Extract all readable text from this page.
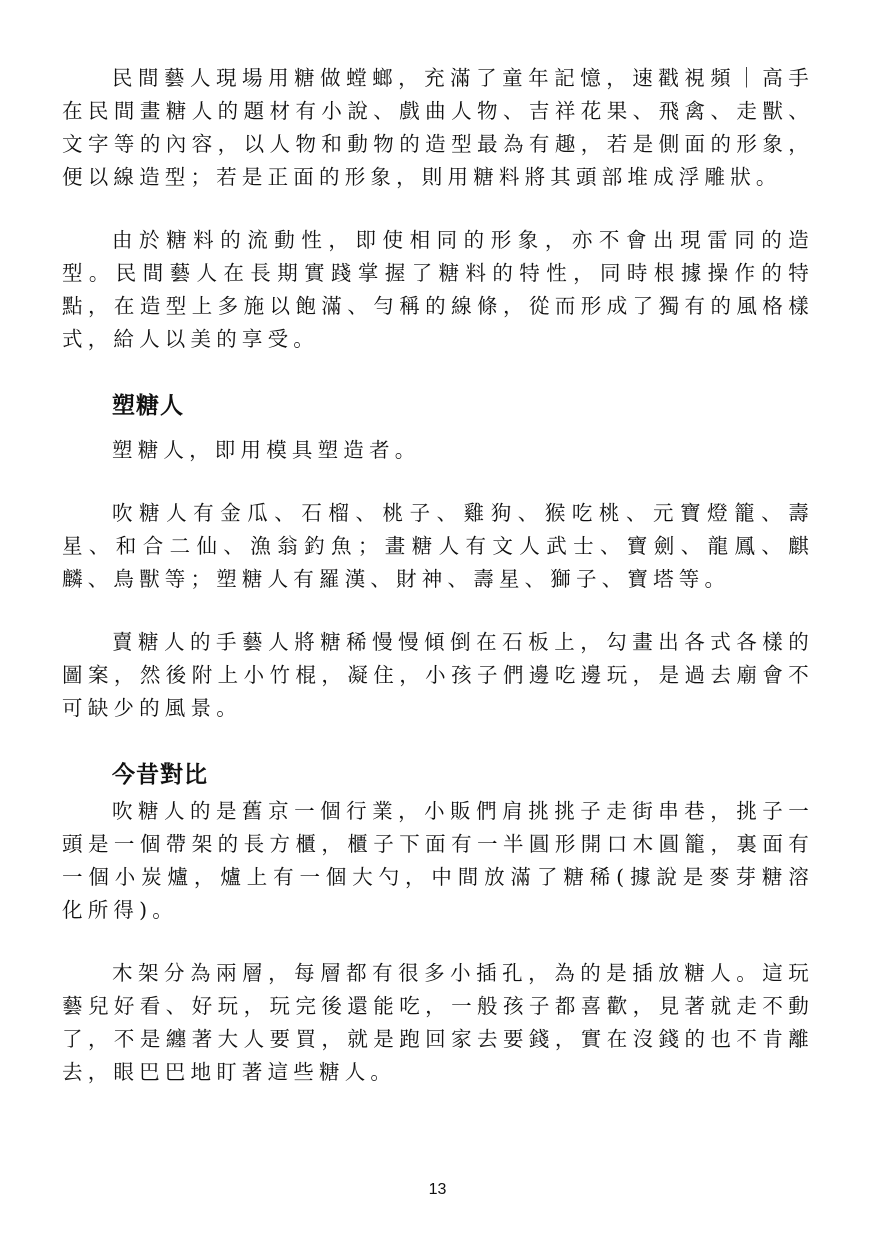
民間藝人現場用糖做螳螂，充滿了童年記憶，速戳視頻｜高手在民間畫糖人的題材有小說、戲曲人物、吉祥花果、飛禽、走獸、文字等的內容，以人物和動物的造型最為有趣，若是側面的形象，便以線造型；若是正面的形象，則用糖料將其頭部堆成浮雕狀。

由於糖料的流動性，即使相同的形象，亦不會出現雷同的造型。民間藝人在長期實踐掌握了糖料的特性，同時根據操作的特點，在造型上多施以飽滿、勻稱的線條，從而形成了獨有的風格樣式，給人以美的享受。

塑糖人

塑糖人，即用模具塑造者。

吹糖人有金瓜、石榴、桃子、雞狗、猴吃桃、元寶燈籠、壽星、和合二仙、漁翁釣魚；畫糖人有文人武士、寶劍、龍鳳、麒麟、鳥獸等；塑糖人有羅漢、財神、壽星、獅子、寶塔等。

賣糖人的手藝人將糖稀慢慢傾倒在石板上，勾畫出各式各樣的圖案，然後附上小竹棍，凝住，小孩子們邊吃邊玩，是過去廟會不可缺少的風景。

今昔對比

吹糖人的是舊京一個行業，小販們肩挑挑子走街串巷，挑子一頭是一個帶架的長方櫃，櫃子下面有一半圓形開口木圓籠，裏面有一個小炭爐，爐上有一個大勺，中間放滿了糖稀(據說是麥芽糖溶化所得)。

木架分為兩層，每層都有很多小插孔，為的是插放糖人。這玩藝兒好看、好玩，玩完後還能吃，一般孩子都喜歡，見著就走不動了，不是纏著大人要買，就是跑回家去要錢，實在沒錢的也不肯離去，眼巴巴地盯著這些糖人。

13
